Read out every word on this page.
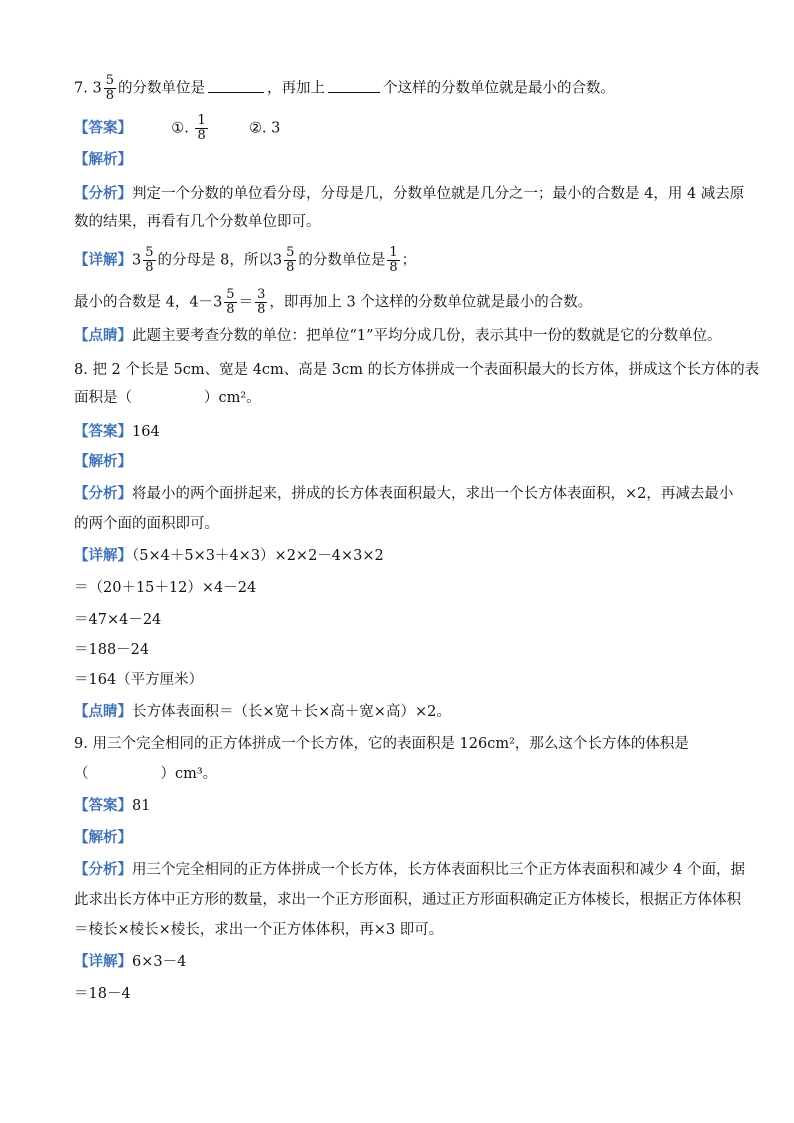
7. $3 \frac{5}{8}$ 的分数单位是	，再加上	个这样的分数单位就是最小的合数。
【答案】	①. $\frac{1}{8}$	②. 3
【解析】
【分析】判定一个分数的单位看分母，分母是几，分数单位就是几分之一；最小的合数是 4，用 4 减去原
数的结果，再看有几个分数单位即可。
【详解】$3 \frac{5}{8}$ 的分母是 8，所以$3 \frac{5}{8}$ 的分数单位是 $\frac{1}{8}$ ；
最小的合数是 4，$4-3 \frac{5}{8} = \frac{3}{8}$ ，即再加上 3 个这样的分数单位就是最小的合数。
【点睛】此题主要考查分数的单位：把单位“1”平均分成几份，表示其中一份的数就是它的分数单位。
8. 把 2 个长是 5cm、宽是 4cm、高是 3cm 的长方体拼成一个表面积最大的长方体，拼成这个长方体的表
面积是（	）cm²。
【答案】164
【解析】
【分析】将最小的两个面拼起来，拼成的长方体表面积最大，求出一个长方体表面积，×2，再减去最小
的两个面的面积即可。
【详解】（5×4＋5×3＋4×3）×2×2－4×3×2
＝（20＋15＋12）×4－24
＝47×4－24
＝188－24
＝164（平方厘米）
【点睛】长方体表面积＝（长×宽＋长×高＋宽×高）×2。
9. 用三个完全相同的正方体拼成一个长方体，它的表面积是 126cm²，那么这个长方体的体积是
（	）cm³。
【答案】81
【解析】
【分析】用三个完全相同的正方体拼成一个长方体，长方体表面积比三个正方体表面积和减少 4 个面，据
此求出长方体中正方形的数量，求出一个正方形面积，通过正方形面积确定正方体棱长，根据正方体体积
＝棱长×棱长×棱长，求出一个正方体体积，再×3 即可。
【详解】6×3－4
＝18－4
